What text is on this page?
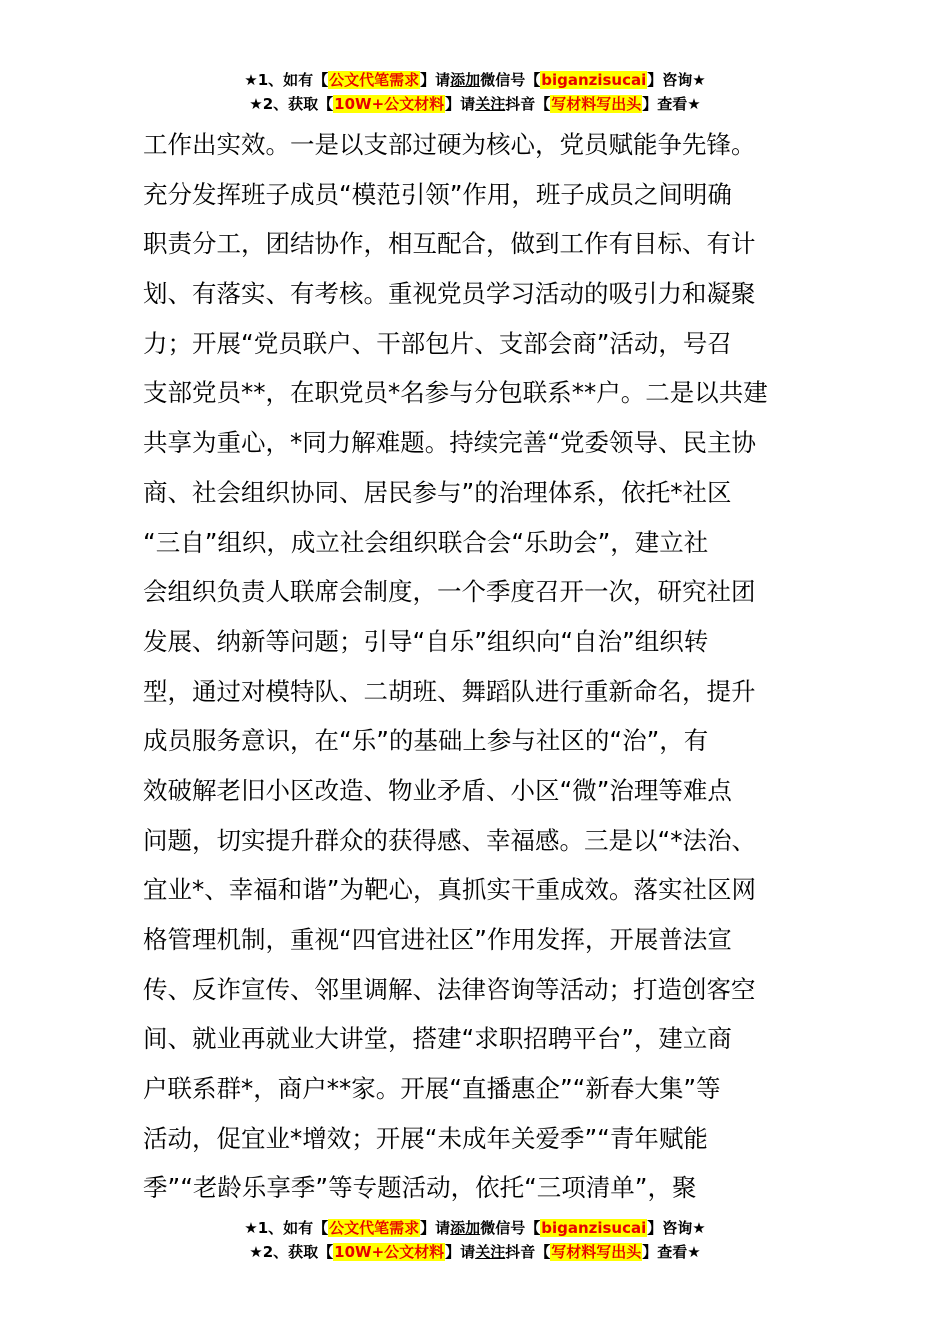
★1、如有【公文代笔需求】请添加微信号【biganzisucai】咨询★
★2、获取【10W+公文材料】请关注抖音【写材料写出头】查看★
工作出实效。一是以支部过硬为核心，党员赋能争先锋。
充分发挥班子成员“模范引领”作用，班子成员之间明确
职责分工，团结协作，相互配合，做到工作有目标、有计
划、有落实、有考核。重视党员学习活动的吸引力和凝聚
力；开展“党员联户、干部包片、支部会商”活动，号召
支部党员**，在职党员*名参与分包联系**户。二是以共建
共享为重心，*同力解难题。持续完善“党委领导、民主协
商、社会组织协同、居民参与”的治理体系，依托*社区
“三自”组织，成立社会组织联合会“乐助会”，建立社
会组织负责人联席会制度，一个季度召开一次，研究社团
发展、纳新等问题；引导“自乐”组织向“自治”组织转
型，通过对模特队、二胡班、舞蹈队进行重新命名，提升
成员服务意识，在“乐”的基础上参与社区的“治”，有
效破解老旧小区改造、物业矛盾、小区“微”治理等难点
问题，切实提升群众的获得感、幸福感。三是以“*法治、
宜业*、幸福和谐”为靶心，真抓实干重成效。落实社区网
格管理机制，重视“四官进社区”作用发挥，开展普法宣
传、反诈宣传、邻里调解、法律咨询等活动；打造创客空
间、就业再就业大讲堂，搭建“求职招聘平台”，建立商
户联系群*，商户**家。开展“直播惠企”“新春大集”等
活动，促宜业*增效；开展“未成年关爱季”“青年赋能
季”“老龄乐享季”等专题活动，依托“三项清单”，聚
★1、如有【公文代笔需求】请添加微信号【biganzisucai】咨询★
★2、获取【10W+公文材料】请关注抖音【写材料写出头】查看★
